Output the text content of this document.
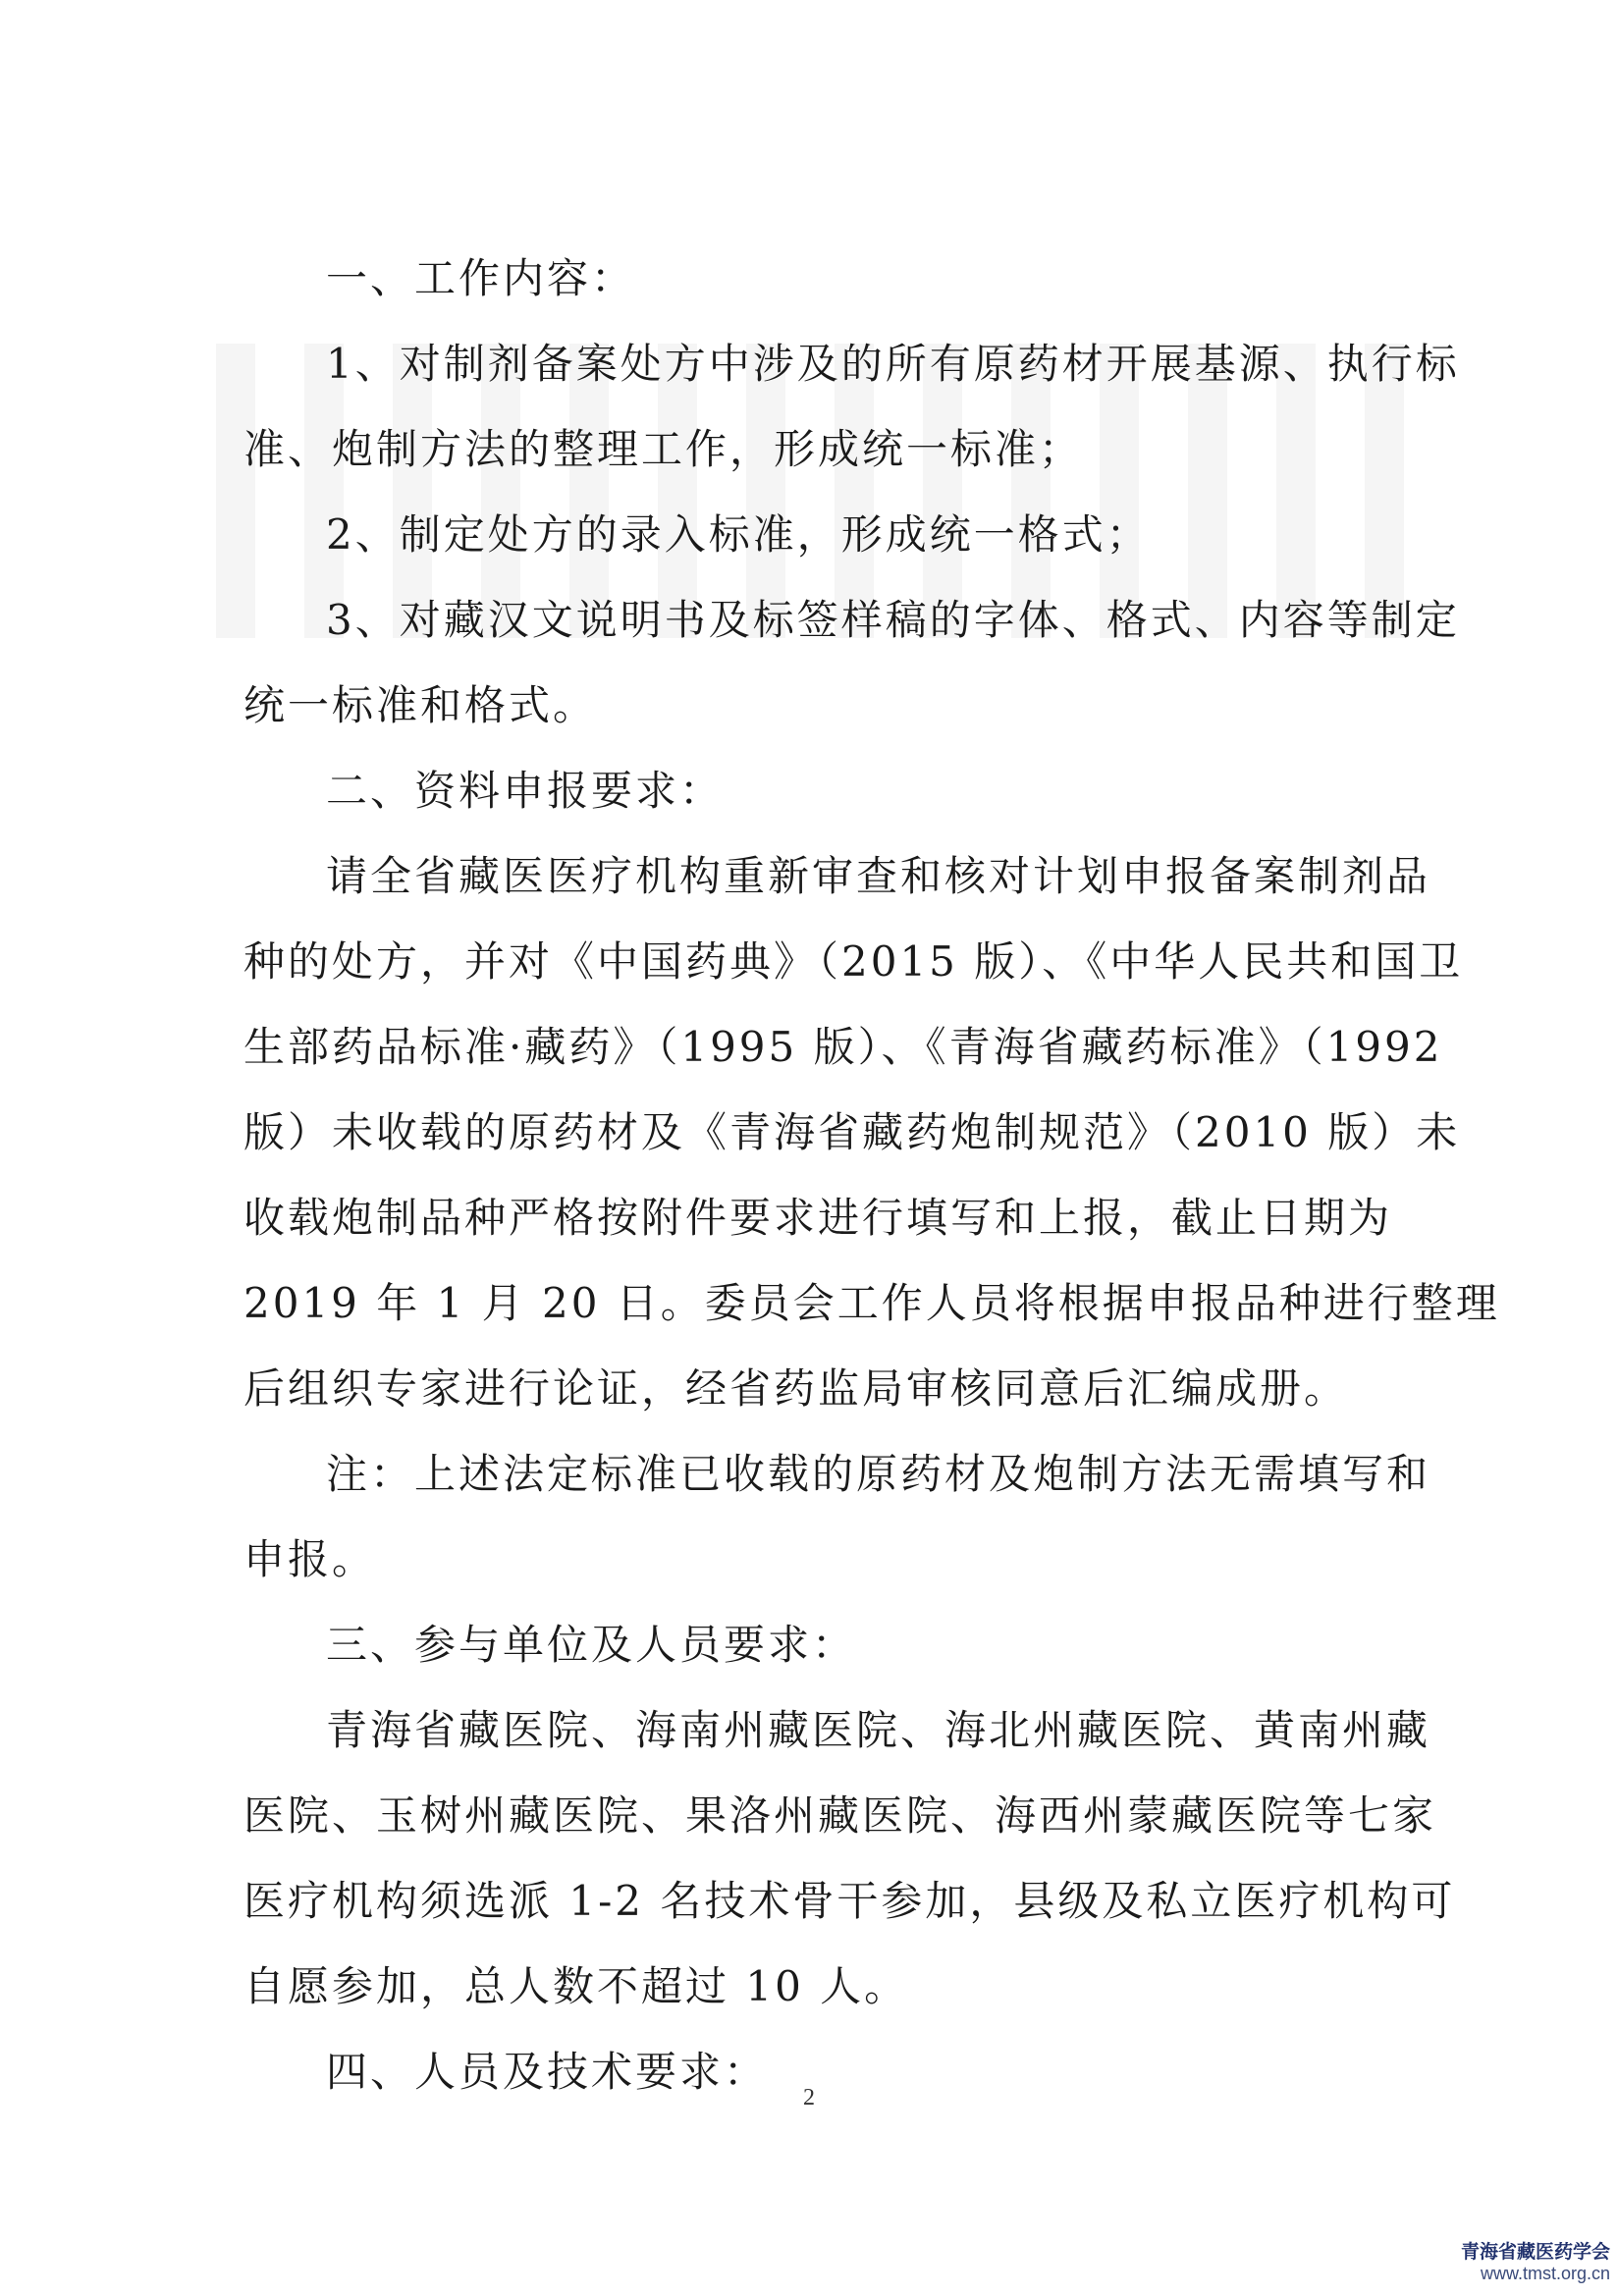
一、工作内容：
1、对制剂备案处方中涉及的所有原药材开展基源、执行标
准、炮制方法的整理工作，形成统一标准；
2、制定处方的录入标准，形成统一格式；
3、对藏汉文说明书及标签样稿的字体、格式、内容等制定
统一标准和格式。
二、资料申报要求：
请全省藏医医疗机构重新审查和核对计划申报备案制剂品
种的处方，并对《中国药典》（2015 版）、《中华人民共和国卫
生部药品标准·藏药》（1995 版）、《青海省藏药标准》（1992
版）未收载的原药材及《青海省藏药炮制规范》（2010 版）未
收载炮制品种严格按附件要求进行填写和上报，截止日期为
2019 年 1 月 20 日。委员会工作人员将根据申报品种进行整理
后组织专家进行论证，经省药监局审核同意后汇编成册。
注：上述法定标准已收载的原药材及炮制方法无需填写和
申报。
三、参与单位及人员要求：
青海省藏医院、海南州藏医院、海北州藏医院、黄南州藏
医院、玉树州藏医院、果洛州藏医院、海西州蒙藏医院等七家
医疗机构须选派 1-2 名技术骨干参加，县级及私立医疗机构可
自愿参加，总人数不超过 10 人。
四、人员及技术要求：
2
青海省藏医药学会
www.tmst.org.cn
